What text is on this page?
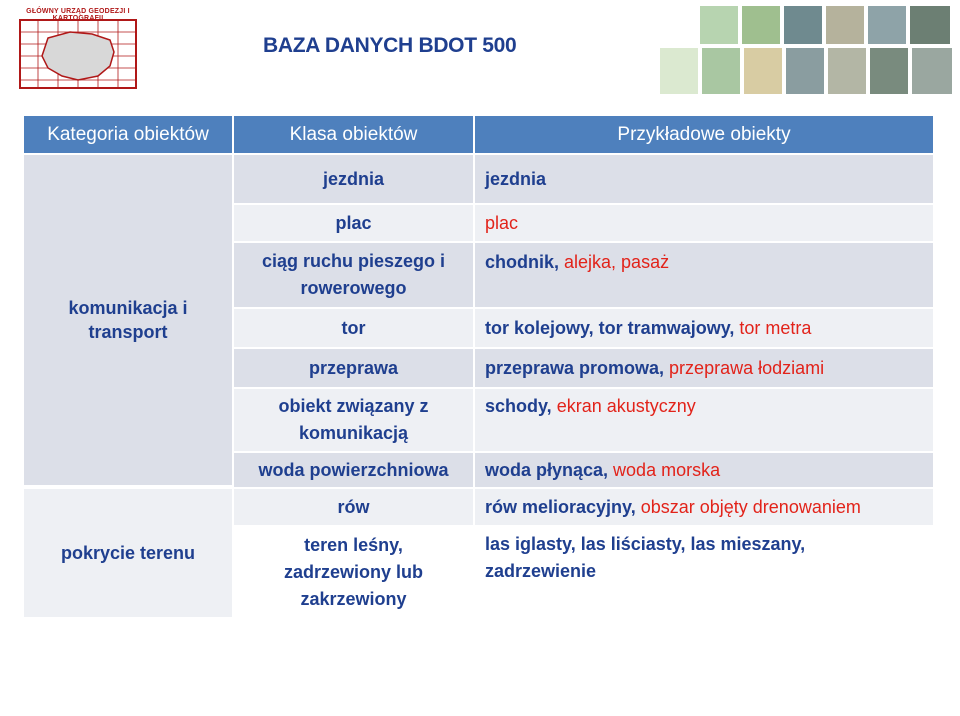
GŁÓWNY URZĄD GEODEZJI I KARTOGRAFII
BAZA DANYCH BDOT 500
Kategoria obiektów	Klasa obiektów	Przykładowe obiekty
komunikacja i transport	jezdnia	jezdnia
	plac	plac
	ciąg ruchu pieszego i rowerowego	chodnik, alejka, pasaż
	tor	tor kolejowy, tor tramwajowy, tor metra
	przeprawa	przeprawa promowa, przeprawa łodziami
	obiekt związany z komunikacją	schody, ekran akustyczny
	woda powierzchniowa	woda płynąca, woda morska
pokrycie terenu	rów	rów melioracyjny, obszar objęty drenowaniem
	teren leśny, zadrzewiony lub zakrzewiony	las iglasty, las liściasty, las mieszany, zadrzewienie
